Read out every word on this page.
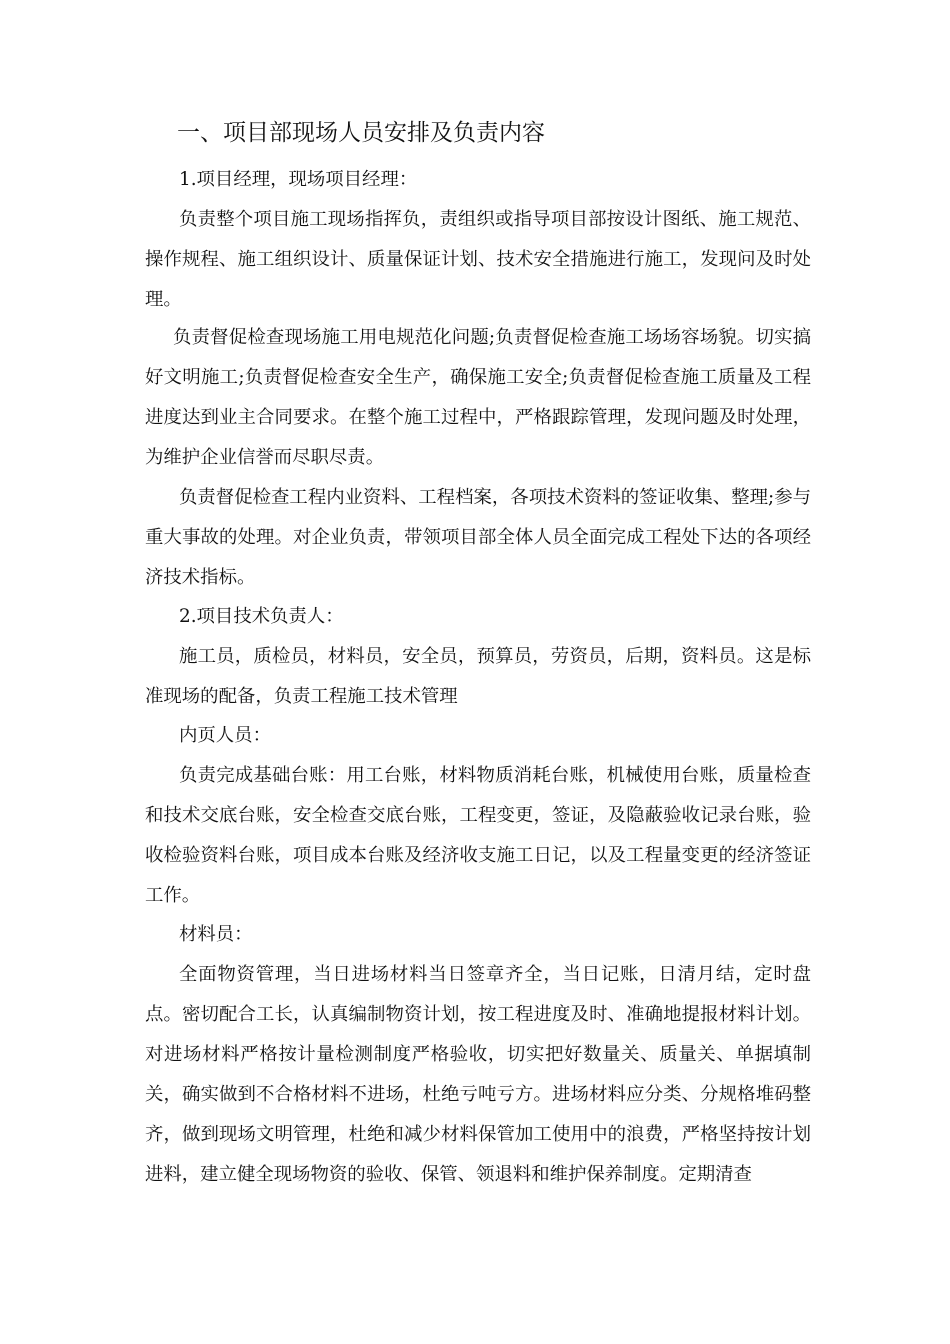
一、项目部现场人员安排及负责内容
1.项目经理，现场项目经理：
负责整个项目施工现场指挥负，责组织或指导项目部按设计图纸、施工规范、操作规程、施工组织设计、质量保证计划、技术安全措施进行施工，发现问及时处理。
负责督促检查现场施工用电规范化问题;负责督促检查施工场场容场貌。切实搞好文明施工;负责督促检查安全生产，确保施工安全;负责督促检查施工质量及工程进度达到业主合同要求。在整个施工过程中，严格跟踪管理，发现问题及时处理，为维护企业信誉而尽职尽责。
负责督促检查工程内业资料、工程档案，各项技术资料的签证收集、整理;参与重大事故的处理。对企业负责，带领项目部全体人员全面完成工程处下达的各项经济技术指标。
2.项目技术负责人：
施工员，质检员，材料员，安全员，预算员，劳资员，后期，资料员。这是标准现场的配备，负责工程施工技术管理
内页人员：
负责完成基础台账：用工台账，材料物质消耗台账，机械使用台账，质量检查和技术交底台账，安全检查交底台账，工程变更，签证，及隐蔽验收记录台账，验收检验资料台账，项目成本台账及经济收支施工日记，以及工程量变更的经济签证工作。
材料员：
全面物资管理，当日进场材料当日签章齐全，当日记账，日清月结，定时盘点。密切配合工长，认真编制物资计划，按工程进度及时、准确地提报材料计划。对进场材料严格按计量检测制度严格验收，切实把好数量关、质量关、单据填制关，确实做到不合格材料不进场，杜绝亏吨亏方。进场材料应分类、分规格堆码整齐，做到现场文明管理，杜绝和减少材料保管加工使用中的浪费，严格坚持按计划进料，建立健全现场物资的验收、保管、领退料和维护保养制度。定期清查
